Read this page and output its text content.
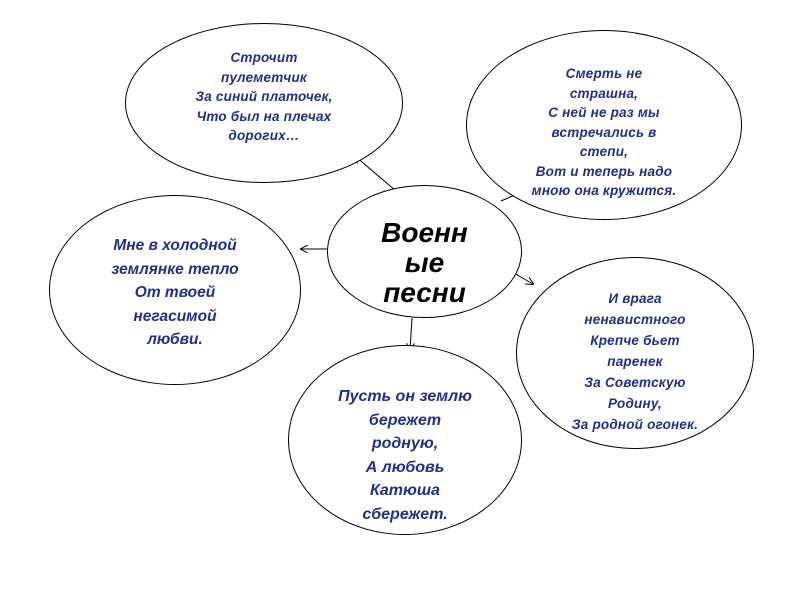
Строчит
пулеметчик
За синий платочек,
Что был на плечах
дорогих…

Смерть не
страшна,
С ней не раз мы
встречались в
степи,
Вот и теперь надо
мною она кружится.

Мне в холодной
землянке тепло
От твоей
негасимой
любви.

Военн
ые
песни	И врага
ненавистного
Крепче бьет
паренек
За Советскую
Родину,
За родной огонек.

Пусть он землю
бережет
родную,
А любовь
Катюша
сбережет.
